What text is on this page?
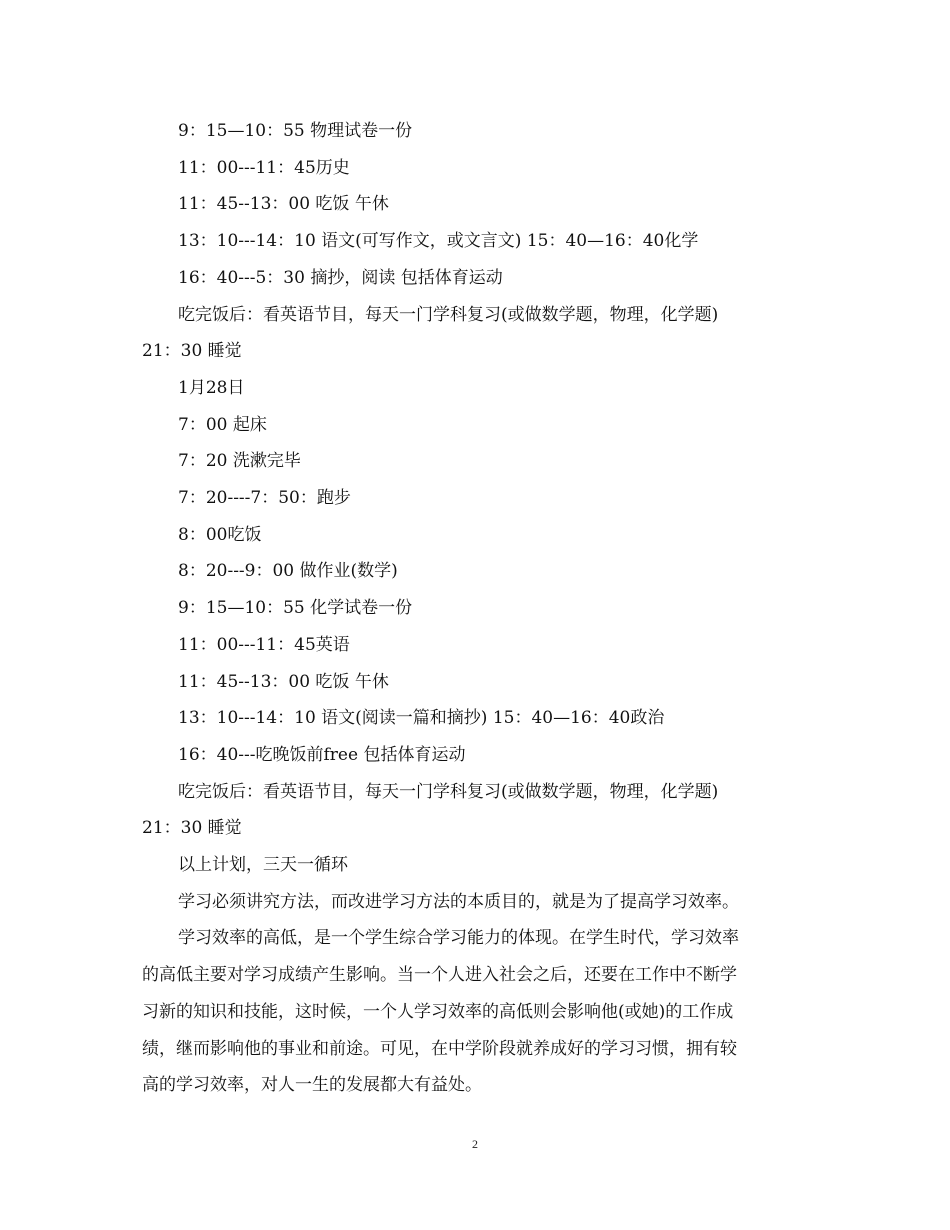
9：15—10：55 物理试卷一份
11：00---11：45历史
11：45--13：00 吃饭 午休
13：10---14：10 语文(可写作文，或文言文) 15：40—16：40化学
16：40---5：30 摘抄，阅读 包括体育运动
吃完饭后：看英语节目，每天一门学科复习(或做数学题，物理，化学题)
21：30 睡觉
1月28日
7：00 起床
7：20 洗漱完毕
7：20----7：50：跑步
8：00吃饭
8：20---9：00 做作业(数学)
9：15—10：55 化学试卷一份
11：00---11：45英语
11：45--13：00 吃饭 午休
13：10---14：10 语文(阅读一篇和摘抄) 15：40—16：40政治
16：40---吃晚饭前free 包括体育运动
吃完饭后：看英语节目，每天一门学科复习(或做数学题，物理，化学题)
21：30 睡觉
以上计划，三天一循环
学习必须讲究方法，而改进学习方法的本质目的，就是为了提高学习效率。
学习效率的高低，是一个学生综合学习能力的体现。在学生时代，学习效率
的高低主要对学习成绩产生影响。当一个人进入社会之后，还要在工作中不断学
习新的知识和技能，这时候，一个人学习效率的高低则会影响他(或她)的工作成
绩，继而影响他的事业和前途。可见，在中学阶段就养成好的学习习惯，拥有较
高的学习效率，对人一生的发展都大有益处。
2
